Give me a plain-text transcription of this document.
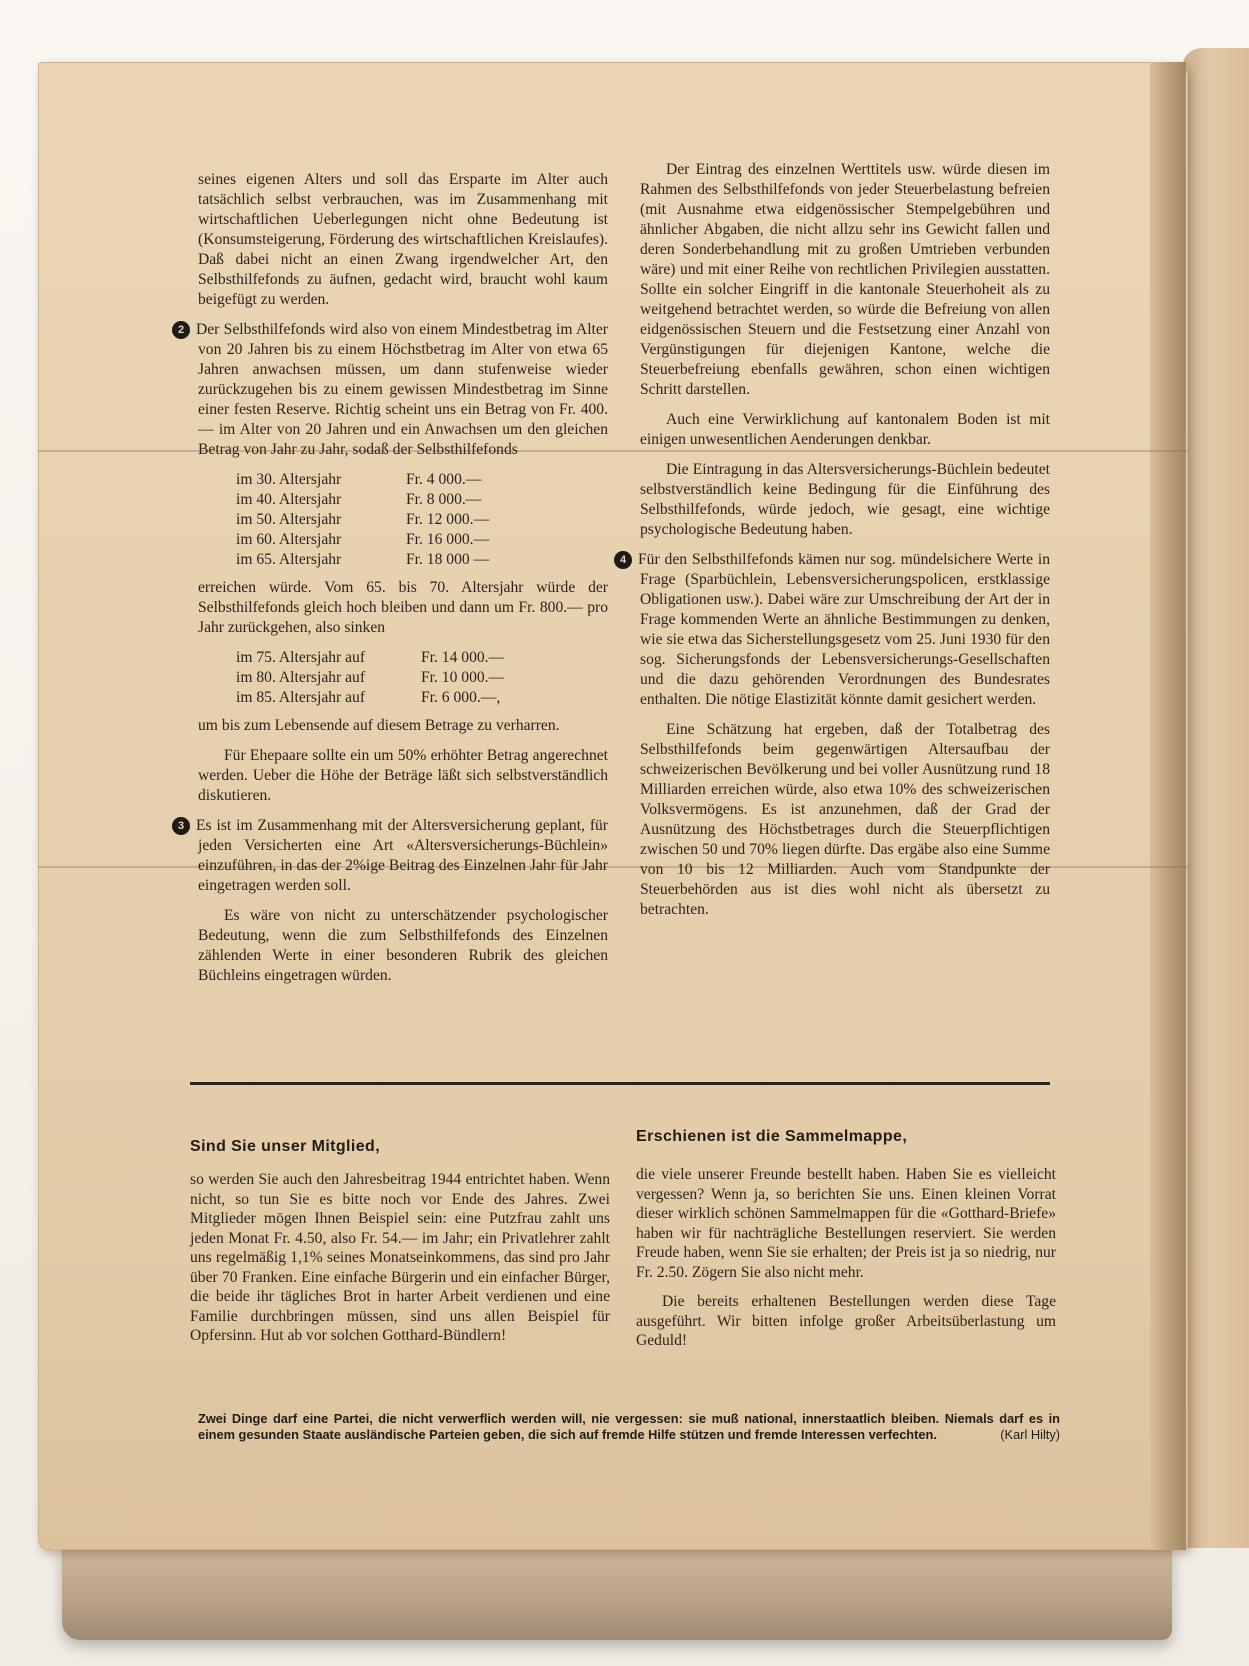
seines eigenen Alters und soll das Ersparte im Alter auch tatsächlich selbst verbrauchen, was im Zusammenhang mit wirtschaftlichen Ueberlegungen nicht ohne Bedeutung ist (Konsumsteigerung, Förderung des wirtschaftlichen Kreislaufes). Daß dabei nicht an einen Zwang irgendwelcher Art, den Selbsthilfefonds zu äufnen, gedacht wird, braucht wohl kaum beigefügt zu werden.

2 Der Selbsthilfefonds wird also von einem Mindestbetrag im Alter von 20 Jahren bis zu einem Höchstbetrag im Alter von etwa 65 Jahren anwachsen müssen, um dann stufenweise wieder zurückzugehen bis zu einem gewissen Mindestbetrag im Sinne einer festen Reserve. Richtig scheint uns ein Betrag von Fr. 400.— im Alter von 20 Jahren und ein Anwachsen um den gleichen Betrag von Jahr zu Jahr, sodaß der Selbsthilfefonds

im 30. Altersjahr	Fr. 4 000.—
im 40. Altersjahr	Fr. 8 000.—
im 50. Altersjahr	Fr. 12 000.—
im 60. Altersjahr	Fr. 16 000.—
im 65. Altersjahr	Fr. 18 000 —

erreichen würde. Vom 65. bis 70. Altersjahr würde der Selbsthilfefonds gleich hoch bleiben und dann um Fr. 800.— pro Jahr zurückgehen, also sinken

im 75. Altersjahr auf	Fr. 14 000.—
im 80. Altersjahr auf	Fr. 10 000.—
im 85. Altersjahr auf	Fr. 6 000.—,

um bis zum Lebensende auf diesem Betrage zu verharren.

Für Ehepaare sollte ein um 50% erhöhter Betrag angerechnet werden. Ueber die Höhe der Beträge läßt sich selbstverständlich diskutieren.

3 Es ist im Zusammenhang mit der Altersversicherung geplant, für jeden Versicherten eine Art «Altersversicherungs-Büchlein» einzuführen, in das der 2%ige Beitrag des Einzelnen Jahr für Jahr eingetragen werden soll.

Es wäre von nicht zu unterschätzender psychologischer Bedeutung, wenn die zum Selbsthilfefonds des Einzelnen zählenden Werte in einer besonderen Rubrik des gleichen Büchleins eingetragen würden.

Der Eintrag des einzelnen Werttitels usw. würde diesen im Rahmen des Selbsthilfefonds von jeder Steuerbelastung befreien (mit Ausnahme etwa eidgenössischer Stempelgebühren und ähnlicher Abgaben, die nicht allzu sehr ins Gewicht fallen und deren Sonderbehandlung mit zu großen Umtrieben verbunden wäre) und mit einer Reihe von rechtlichen Privilegien ausstatten. Sollte ein solcher Eingriff in die kantonale Steuerhoheit als zu weitgehend betrachtet werden, so würde die Befreiung von allen eidgenössischen Steuern und die Festsetzung einer Anzahl von Vergünstigungen für diejenigen Kantone, welche die Steuerbefreiung ebenfalls gewähren, schon einen wichtigen Schritt darstellen.

Auch eine Verwirklichung auf kantonalem Boden ist mit einigen unwesentlichen Aenderungen denkbar.

Die Eintragung in das Altersversicherungs-Büchlein bedeutet selbstverständlich keine Bedingung für die Einführung des Selbsthilfefonds, würde jedoch, wie gesagt, eine wichtige psychologische Bedeutung haben.

4 Für den Selbsthilfefonds kämen nur sog. mündelsichere Werte in Frage (Sparbüchlein, Lebensversicherungspolicen, erstklassige Obligationen usw.). Dabei wäre zur Umschreibung der Art der in Frage kommenden Werte an ähnliche Bestimmungen zu denken, wie sie etwa das Sicherstellungsgesetz vom 25. Juni 1930 für den sog. Sicherungsfonds der Lebensversicherungs-Gesellschaften und die dazu gehörenden Verordnungen des Bundesrates enthalten. Die nötige Elastizität könnte damit gesichert werden.

Eine Schätzung hat ergeben, daß der Totalbetrag des Selbsthilfefonds beim gegenwärtigen Altersaufbau der schweizerischen Bevölkerung und bei voller Ausnützung rund 18 Milliarden erreichen würde, also etwa 10% des schweizerischen Volksvermögens. Es ist anzunehmen, daß der Grad der Ausnützung des Höchstbetrages durch die Steuerpflichtigen zwischen 50 und 70% liegen dürfte. Das ergäbe also eine Summe von 10 bis 12 Milliarden. Auch vom Standpunkte der Steuerbehörden aus ist dies wohl nicht als übersetzt zu betrachten.

Sind Sie unser Mitglied,

so werden Sie auch den Jahresbeitrag 1944 entrichtet haben. Wenn nicht, so tun Sie es bitte noch vor Ende des Jahres. Zwei Mitglieder mögen Ihnen Beispiel sein: eine Putzfrau zahlt uns jeden Monat Fr. 4.50, also Fr. 54.— im Jahr; ein Privatlehrer zahlt uns regelmäßig 1,1% seines Monatseinkommens, das sind pro Jahr über 70 Franken. Eine einfache Bürgerin und ein einfacher Bürger, die beide ihr tägliches Brot in harter Arbeit verdienen und eine Familie durchbringen müssen, sind uns allen Beispiel für Opfersinn. Hut ab vor solchen Gotthard-Bündlern!

Erschienen ist die Sammelmappe,

die viele unserer Freunde bestellt haben. Haben Sie es vielleicht vergessen? Wenn ja, so berichten Sie uns. Einen kleinen Vorrat dieser wirklich schönen Sammelmappen für die «Gotthard-Briefe» haben wir für nachträgliche Bestellungen reserviert. Sie werden Freude haben, wenn Sie sie erhalten; der Preis ist ja so niedrig, nur Fr. 2.50. Zögern Sie also nicht mehr.

Die bereits erhaltenen Bestellungen werden diese Tage ausgeführt. Wir bitten infolge großer Arbeitsüberlastung um Geduld!

Zwei Dinge darf eine Partei, die nicht verwerflich werden will, nie vergessen: sie muß national, innerstaatlich bleiben. Niemals darf es in einem gesunden Staate ausländische Parteien geben, die sich auf fremde Hilfe stützen und fremde Interessen verfechten.	(Karl Hilty)
